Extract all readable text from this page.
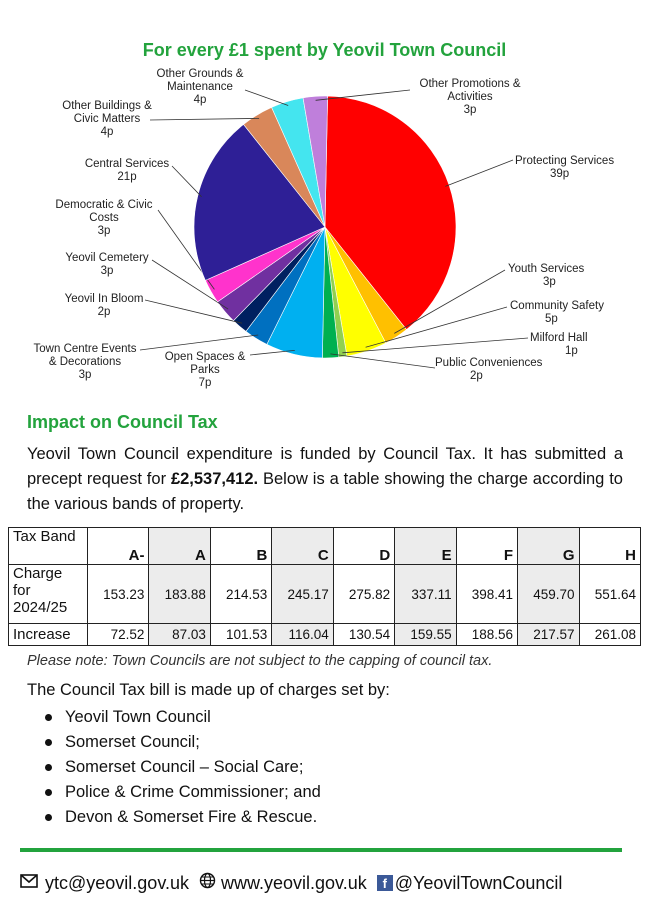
For every £1 spent by Yeovil Town Council
Protecting Services 39p
Youth Services 3p
Community Safety 5p
Milford Hall 1p
Public Conveniences 2p
Open Spaces & Parks 7p
Town Centre Events & Decorations 3p
Yeovil In Bloom 2p
Yeovil Cemetery 3p
Democratic & Civic Costs 3p
Central Services 21p
Other Buildings & Civic Matters 4p
Other Grounds & Maintenance 4p
Other Promotions & Activities 3p
Impact on Council Tax

Yeovil Town Council expenditure is funded by Council Tax. It has submitted a precept request for £2,537,412. Below is a table showing the charge according to the various bands of property.

Tax Band	A-	A	B	C	D	E	F	G	H
Charge for 2024/25	153.23	183.88	214.53	245.17	275.82	337.11	398.41	459.70	551.64
Increase	72.52	87.03	101.53	116.04	130.54	159.55	188.56	217.57	261.08

Please note: Town Councils are not subject to the capping of council tax.

The Council Tax bill is made up of charges set by:

Yeovil Town Council
Somerset Council;
Somerset Council – Social Care;
Police & Crime Commissioner; and
Devon & Somerset Fire & Rescue.
ytc@yeovil.gov.uk www.yeovil.gov.uk	f @YeovilTownCouncil
